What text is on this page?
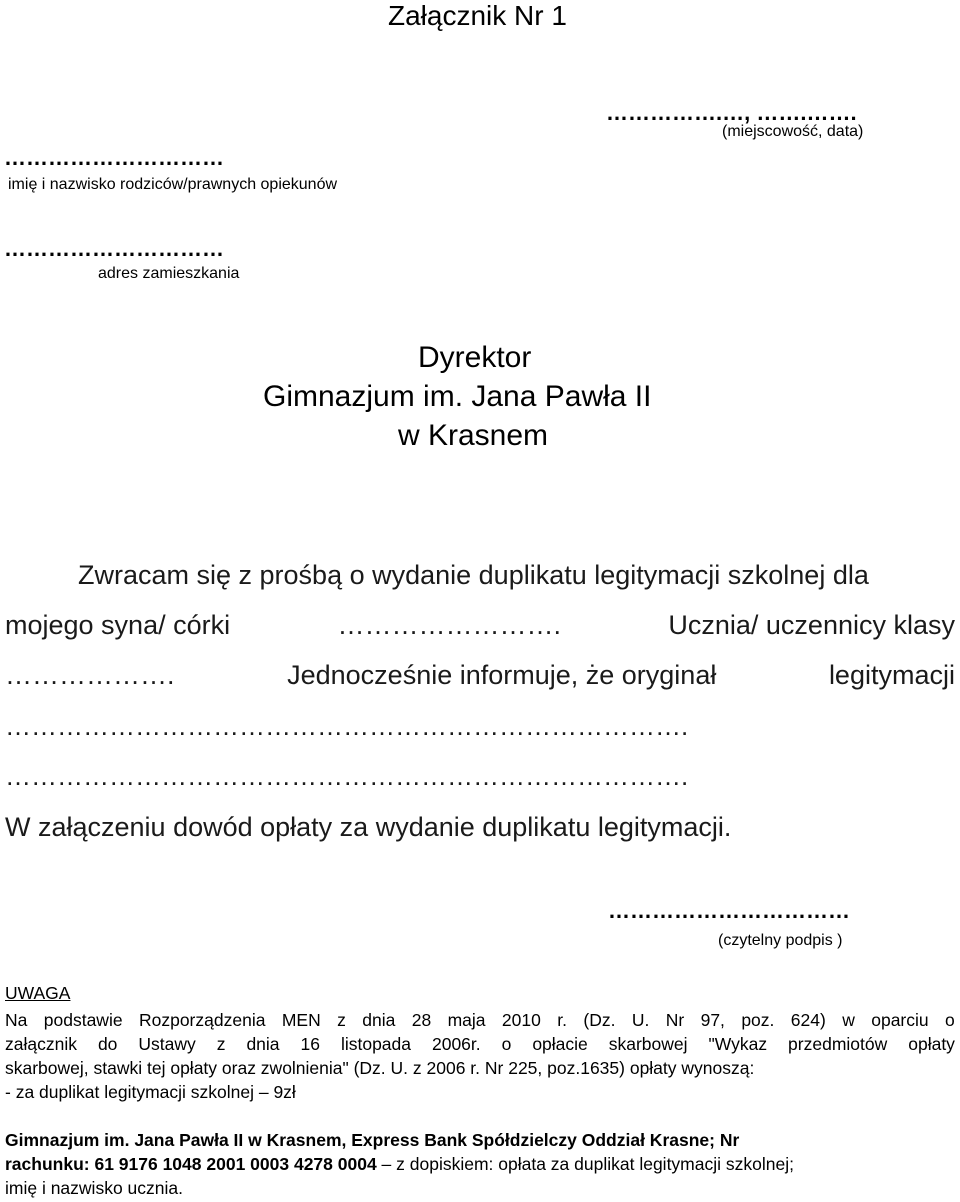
Załącznik Nr 1
…………….…, …….…….
(miejscowość, data)
…………………………
imię i nazwisko rodziców/prawnych opiekunów
…………………………
adres zamieszkania
Dyrektor
Gimnazjum im. Jana Pawła II
w Krasnem
Zwracam się z prośbą o wydanie duplikatu legitymacji szkolnej dla
mojego syna/ córki	…………………….	Ucznia/ uczennicy klasy
……………….	Jednocześnie informuje, że oryginał	legitymacji
…………………………………………………………………….
…………………………………………………………………….
W załączeniu dowód opłaty za wydanie duplikatu legitymacji.
……………………………
(czytelny podpis )
UWAGA
Na podstawie Rozporządzenia MEN z dnia 28 maja 2010 r. (Dz. U. Nr 97, poz. 624) w oparciu o
załącznik do Ustawy z dnia 16 listopada 2006r. o opłacie skarbowej "Wykaz przedmiotów opłaty
skarbowej, stawki tej opłaty oraz zwolnienia" (Dz. U. z 2006 r. Nr 225, poz.1635) opłaty wynoszą:
- za duplikat legitymacji szkolnej – 9zł
Gimnazjum im. Jana Pawła II w Krasnem, Express Bank Spółdzielczy Oddział Krasne; Nr
rachunku: 61 9176 1048 2001 0003 4278 0004 – z dopiskiem: opłata za duplikat legitymacji szkolnej;
imię i nazwisko ucznia.
